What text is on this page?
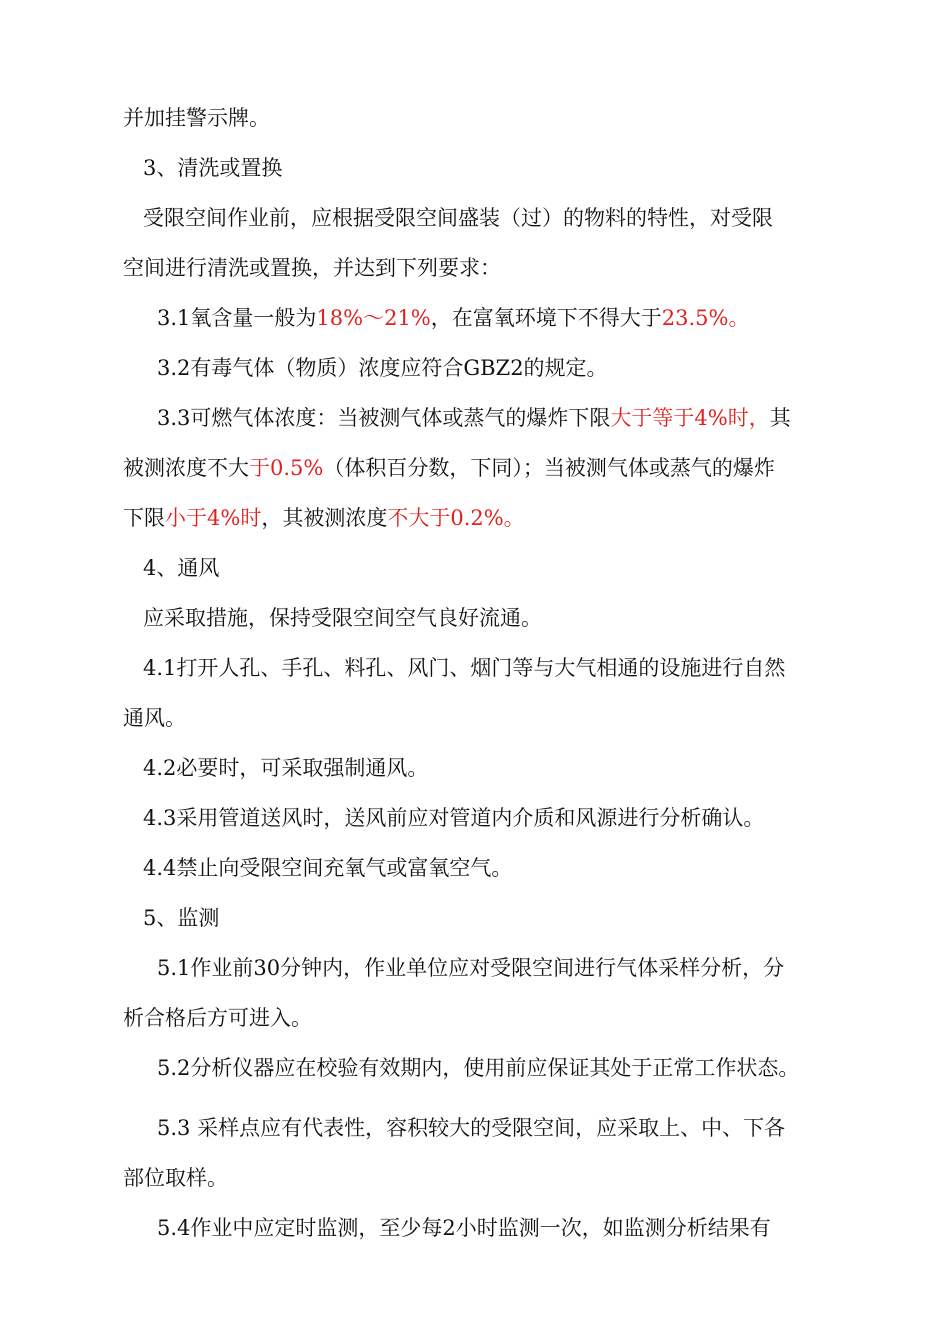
并加挂警示牌。
3、清洗或置换
受限空间作业前，应根据受限空间盛装（过）的物料的特性，对受限
空间进行清洗或置换，并达到下列要求：
3.1氧含量一般为18%～21%，在富氧环境下不得大于23.5%。
3.2有毒气体（物质）浓度应符合GBZ2的规定。
3.3可燃气体浓度：当被测气体或蒸气的爆炸下限大于等于4%时，其
被测浓度不大于0.5%（体积百分数，下同）；当被测气体或蒸气的爆炸
下限小于4%时，其被测浓度不大于0.2%。
4、通风
应采取措施，保持受限空间空气良好流通。
4.1打开人孔、手孔、料孔、风门、烟门等与大气相通的设施进行自然
通风。
4.2必要时，可采取强制通风。
4.3采用管道送风时，送风前应对管道内介质和风源进行分析确认。
4.4禁止向受限空间充氧气或富氧空气。
5、监测
5.1作业前30分钟内，作业单位应对受限空间进行气体采样分析，分
析合格后方可进入。
5.2分析仪器应在校验有效期内，使用前应保证其处于正常工作状态。
5.3 采样点应有代表性，容积较大的受限空间，应采取上、中、下各
部位取样。
5.4作业中应定时监测，至少每2小时监测一次，如监测分析结果有
